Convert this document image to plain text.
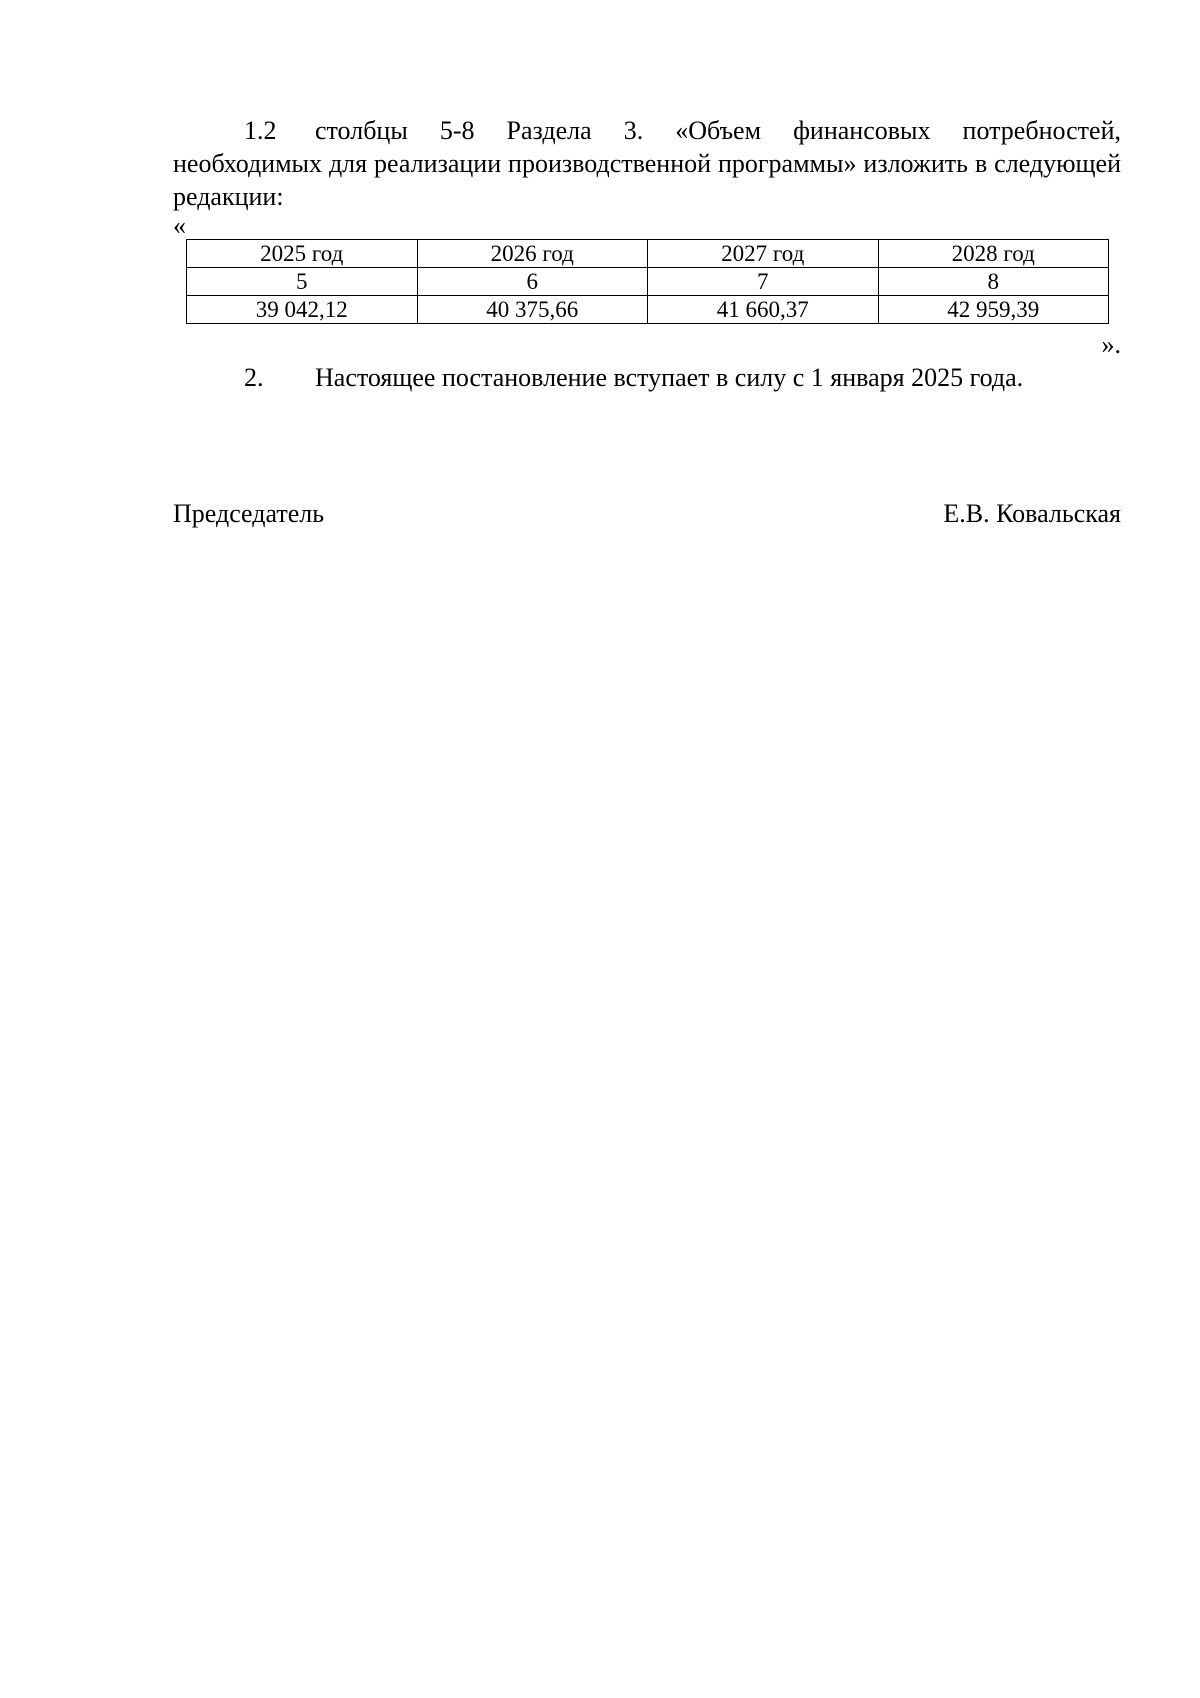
1.2 столбцы 5-8 Раздела 3. «Объем финансовых потребностей, необходимых для реализации производственной программы» изложить в следующей редакции:

«

2025 год	2026 год	2027 год	2028 год
5	6	7	8
39 042,12	40 375,66	41 660,37	42 959,39

».

2. Настоящее постановление вступает в силу с 1 января 2025 года.

Председатель	Е.В. Ковальская
